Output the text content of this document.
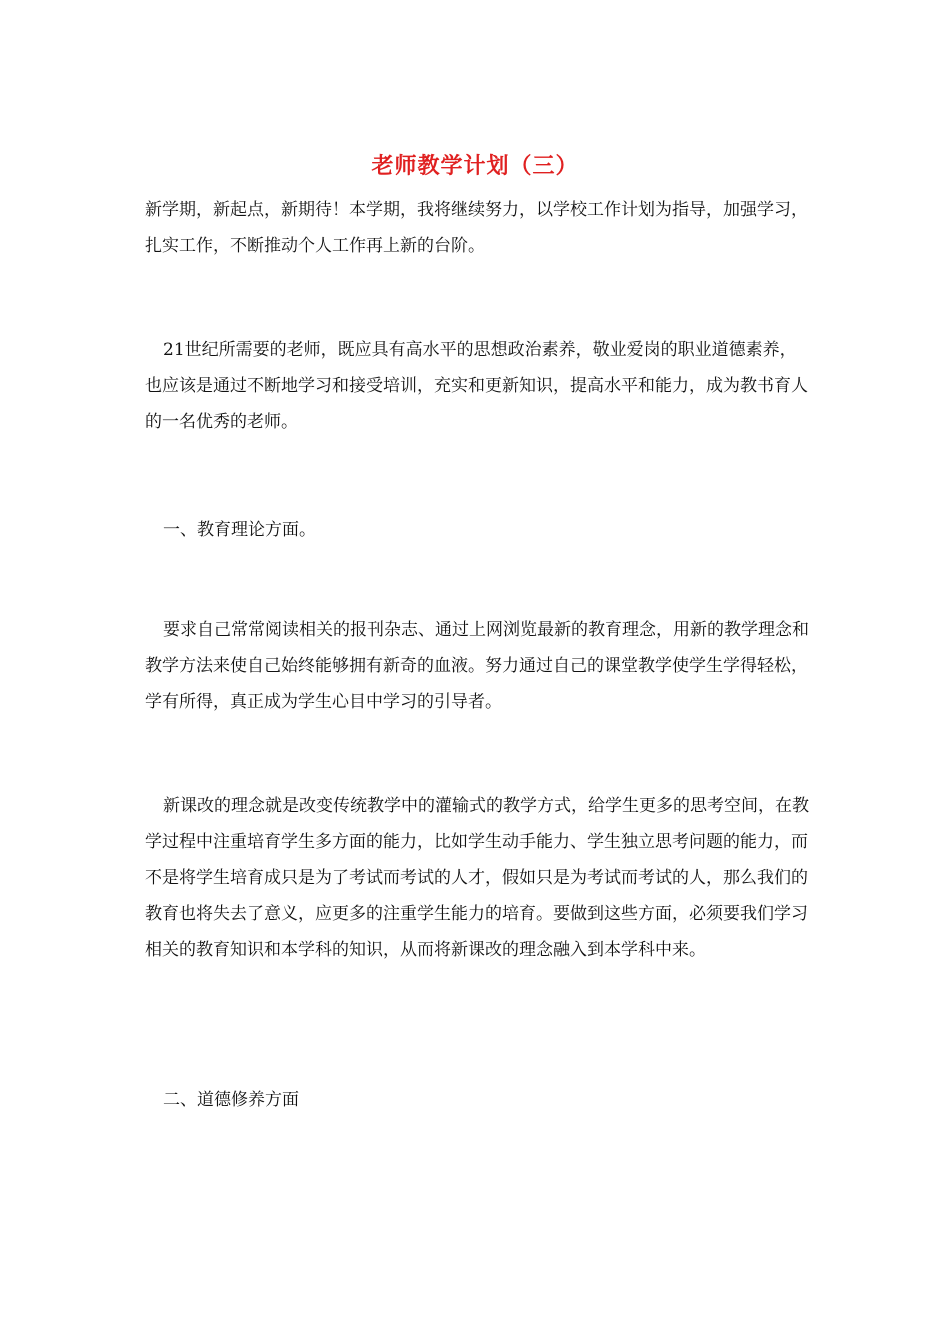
老师教学计划（三）

新学期，新起点，新期待！本学期，我将继续努力，以学校工作计划为指导，加强学习，扎实工作，不断推动个人工作再上新的台阶。

21世纪所需要的老师，既应具有高水平的思想政治素养，敬业爱岗的职业道德素养，也应该是通过不断地学习和接受培训，充实和更新知识，提高水平和能力，成为教书育人的一名优秀的老师。

一、教育理论方面。

要求自己常常阅读相关的报刊杂志、通过上网浏览最新的教育理念，用新的教学理念和教学方法来使自己始终能够拥有新奇的血液。努力通过自己的课堂教学使学生学得轻松，学有所得，真正成为学生心目中学习的引导者。

新课改的理念就是改变传统教学中的灌输式的教学方式，给学生更多的思考空间，在教学过程中注重培育学生多方面的能力，比如学生动手能力、学生独立思考问题的能力，而不是将学生培育成只是为了考试而考试的人才，假如只是为考试而考试的人，那么我们的教育也将失去了意义，应更多的注重学生能力的培育。要做到这些方面，必须要我们学习相关的教育知识和本学科的知识，从而将新课改的理念融入到本学科中来。

二、道德修养方面
